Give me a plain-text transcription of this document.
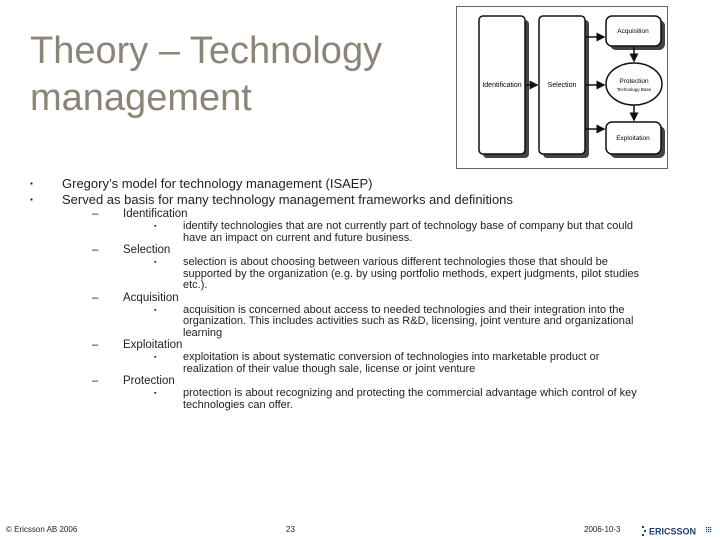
Theory – Technology management	Identification	Selection
Acquisition
Protection
Technology Base
Exploitation
▪ Gregory’s model for technology management (ISAEP)
▪ Served as basis for many technology management frameworks and definitions
– Identification
▪ identify technologies that are not currently part of technology base of company but that could have an impact on current and future business.
– Selection
▪ selection is about choosing between various different technologies those that should be supported by the organization (e.g. by using portfolio methods, expert judgments, pilot studies etc.).
– Acquisition
▪ acquisition is concerned about access to needed technologies and their integration into the organization. This includes activities such as R&D, licensing, joint venture and organizational learning
– Exploitation
▪ exploitation is about systematic conversion of technologies into marketable product or realization of their value though sale, license or joint venture
– Protection
▪ protection is about recognizing and protecting the commercial advantage which control of key technologies can offer.
© Ericsson AB 2006	23	2006-10-3	ERICSSON
